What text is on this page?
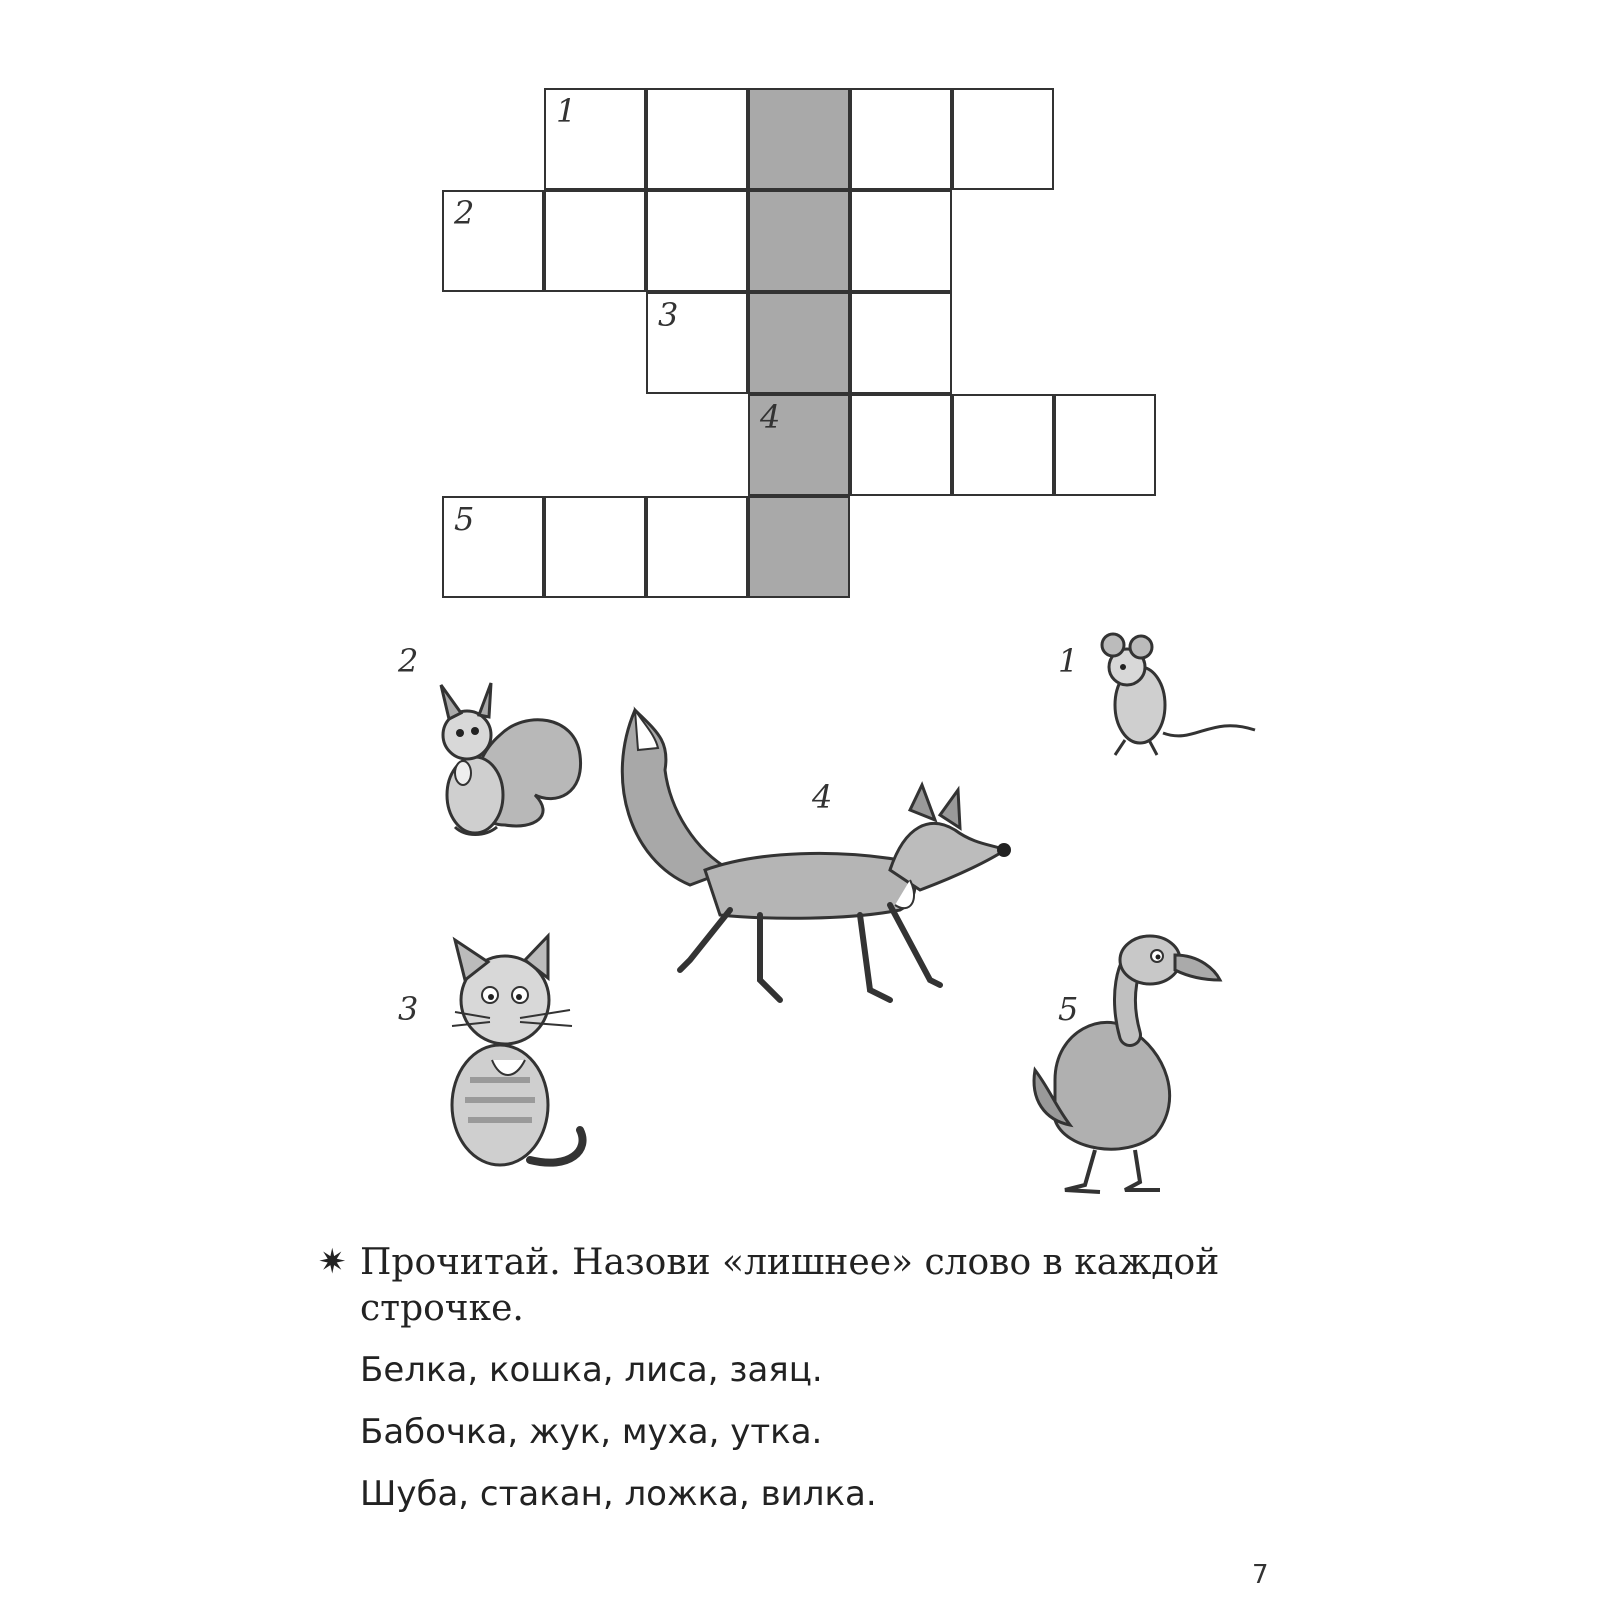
1
2
3
4
5
2	1
4
3	5
✷ Прочитай. Назови «лишнее» слово в каждой строчке.
Белка, кошка, лиса, заяц.
Бабочка, жук, муха, утка.
Шуба, стакан, ложка, вилка.
7
